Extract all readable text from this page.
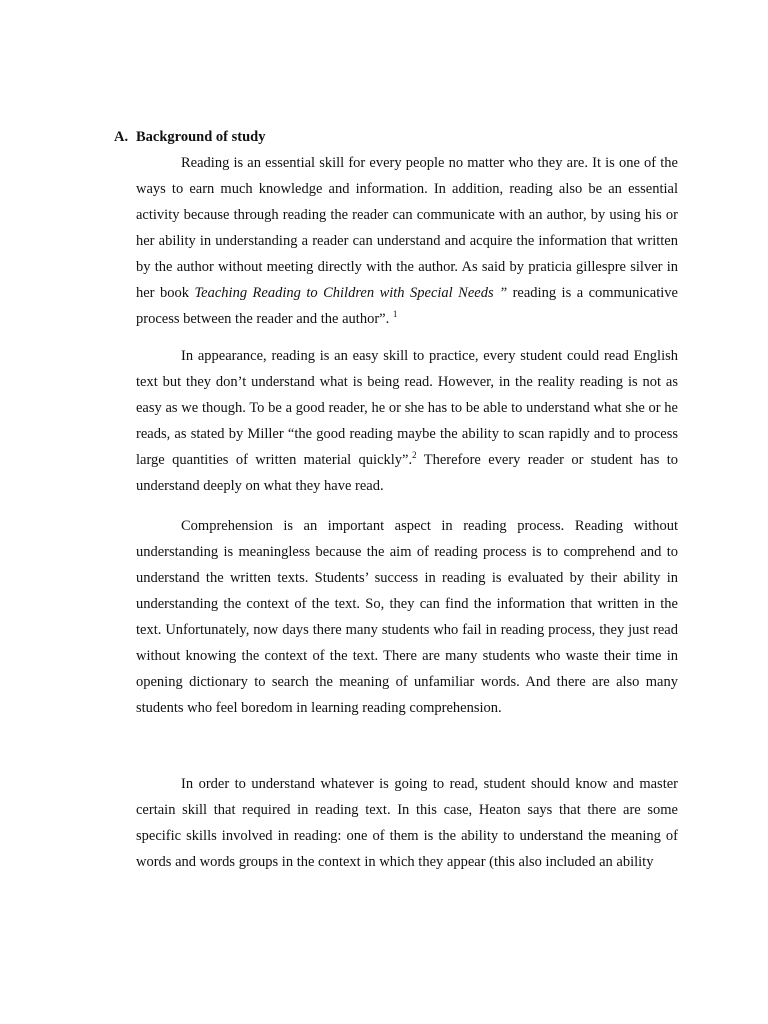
A. Background of study

Reading is an essential skill for every people no matter who they are. It is one of the ways to earn much knowledge and information. In addition, reading also be an essential activity because through reading the reader can communicate with an author, by using his or her ability in understanding a reader can understand and acquire the information that written by the author without meeting directly with the author. As said by praticia gillespre silver in her book Teaching Reading to Children with Special Needs ” reading is a communicative process between the reader and the author”. $^1$

In appearance, reading is an easy skill to practice, every student could read English text but they don’t understand what is being read. However, in the reality reading is not as easy as we though. To be a good reader, he or she has to be able to understand what she or he reads, as stated by Miller “the good reading maybe the ability to scan rapidly and to process large quantities of written material quickly”.$^2$ Therefore every reader or student has to understand deeply on what they have read.

Comprehension is an important aspect in reading process. Reading without understanding is meaningless because the aim of reading process is to comprehend and to understand the written texts. Students’ success in reading is evaluated by their ability in understanding the context of the text. So, they can find the information that written in the text. Unfortunately, now days there many students who fail in reading process, they just read without knowing the context of the text. There are many students who waste their time in opening dictionary to search the meaning of unfamiliar words. And there are also many students who feel boredom in learning reading comprehension.

In order to understand whatever is going to read, student should know and master certain skill that required in reading text. In this case, Heaton says that there are some specific skills involved in reading: one of them is the ability to understand the meaning of words and words groups in the context in which they appear (this also included an ability
